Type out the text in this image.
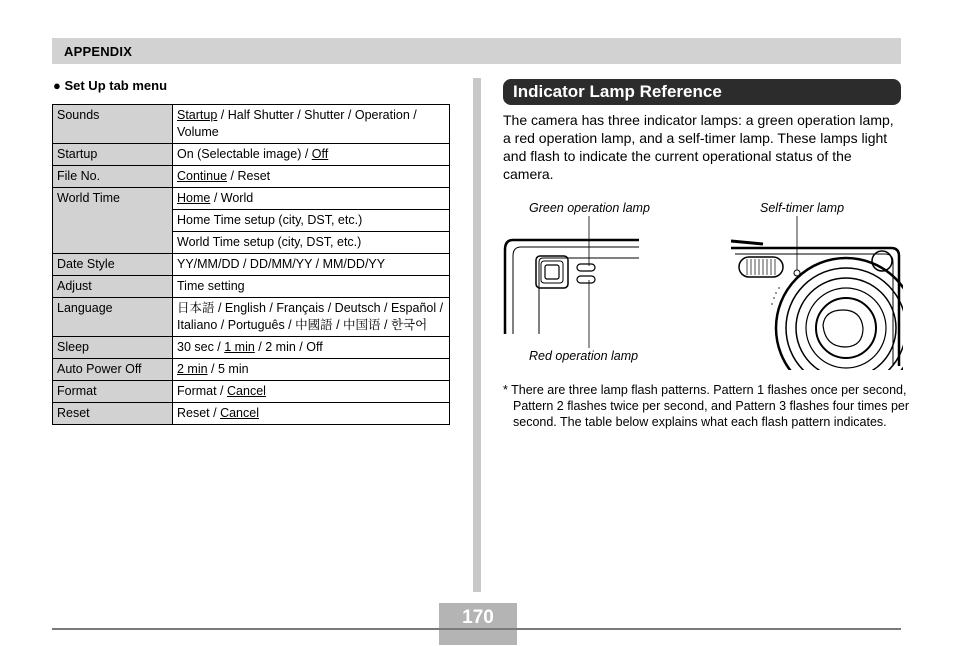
APPENDIX
● Set Up tab menu
Sounds	Startup / Half Shutter / Shutter / Operation / Volume
Startup	On (Selectable image) / Off
File No.	Continue / Reset
World Time	Home / World
	Home Time setup (city, DST, etc.)
	World Time setup (city, DST, etc.)
Date Style	YY/MM/DD / DD/MM/YY / MM/DD/YY
Adjust	Time setting
Language	日本語 / English / Français / Deutsch / Español / Italiano / Português / 中國語 / 中国语 / 한국어
Sleep	30 sec / 1 min / 2 min / Off
Auto Power Off	2 min / 5 min
Format	Format / Cancel
Reset	Reset / Cancel
Indicator Lamp Reference
The camera has three indicator lamps: a green operation lamp, a red operation lamp, and a self-timer lamp. These lamps light and flash to indicate the current operational status of the camera.
Green operation lamp	Self-timer lamp
Red operation lamp
* There are three lamp flash patterns. Pattern 1 flashes once per second, Pattern 2 flashes twice per second, and Pattern 3 flashes four times per second. The table below explains what each flash pattern indicates.
170
